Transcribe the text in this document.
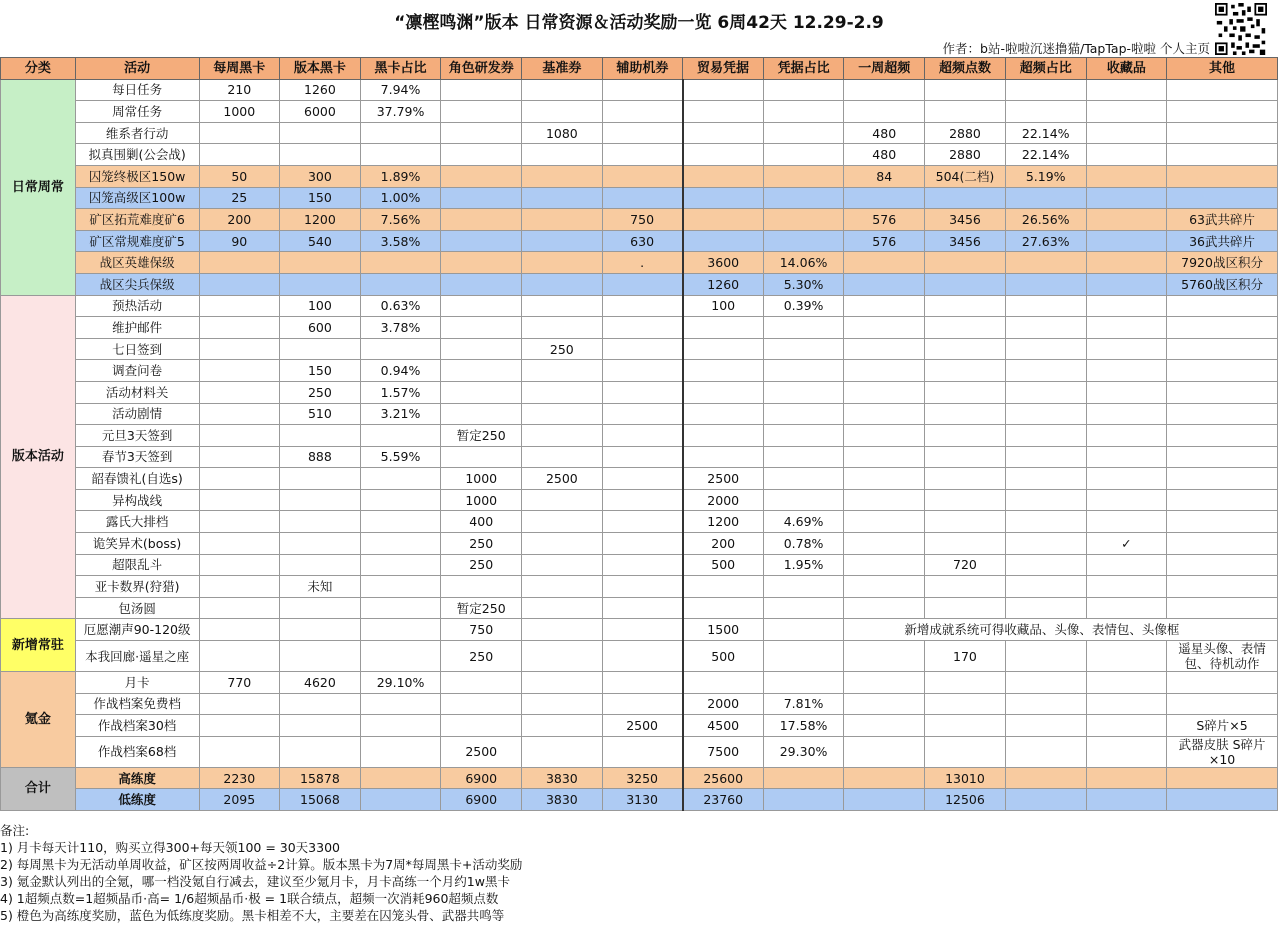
“凛樫鸣渊”版本 日常资源＆活动奖励一览 6周42天 12.29-2.9
作者：b站-啦啦沉迷撸猫/TapTap-啦啦 个人主页
分类	活动	每周黑卡	版本黑卡	黑卡占比	角色研发券	基准券	辅助机券	贸易凭据	凭据占比	一周超频	超频点数	超频占比	收藏品	其他
日常周常	每日任务	210	1260	7.94%										
	周常任务	1000	6000	37.79%										
	维系者行动					1080				480	2880	22.14%		
	拟真围剿(公会战)									480	2880	22.14%		
	囚笼终极区150w	50	300	1.89%						84	504(二档)	5.19%		
	囚笼高级区100w	25	150	1.00%										
	矿区拓荒难度矿6	200	1200	7.56%			750			576	3456	26.56%		63武共碎片
	矿区常规难度矿5	90	540	3.58%			630			576	3456	27.63%		36武共碎片
	战区英雄保级						.	3600	14.06%					7920战区积分
	战区尖兵保级							1260	5.30%					5760战区积分
版本活动	预热活动		100	0.63%				100	0.39%					
	维护邮件		600	3.78%										
	七日签到					250								
	调查问卷		150	0.94%										
	活动材料关		250	1.57%										
	活动剧情		510	3.21%										
	元旦3天签到				暂定250									
	春节3天签到		888	5.59%										
	韶春馈礼(自选s)				1000	2500		2500						
	异构战线				1000			2000						
	露氏大排档				400			1200	4.69%					
	诡笑异术(boss)				250			200	0.78%				✓	
	超限乱斗				250			500	1.95%		720			
	亚卡数界(狩猎)		未知											
	包汤圆				暂定250									
新增常驻	厄愿潮声90-120级				750			1500		新增成就系统可得收藏品、头像、表情包、头像框				
	本我回廊·遥星之座				250			500			170			遥星头像、表情包、待机动作
氪金	月卡	770	4620	29.10%										
	作战档案免费档							2000	7.81%					
	作战档案30档						2500	4500	17.58%					S碎片×5
	作战档案68档				2500			7500	29.30%					武器皮肤 S碎片×10
合计	高练度	2230	15878		6900	3830	3250	25600			13010			
	低练度	2095	15068		6900	3830	3130	23760			12506			
备注:
1) 月卡每天计110，购买立得300+每天领100 = 30天3300
2) 每周黑卡为无活动单周收益，矿区按两周收益÷2计算。版本黑卡为7周*每周黑卡+活动奖励
3) 氪金默认列出的全氪，哪一档没氪自行减去，建议至少氪月卡，月卡高练一个月约1w黑卡
4) 1超频点数=1超频晶币·高= 1/6超频晶币·极 = 1联合绩点，超频一次消耗960超频点数
5) 橙色为高练度奖励，蓝色为低练度奖励。黑卡相差不大，主要差在囚笼头骨、武器共鸣等
